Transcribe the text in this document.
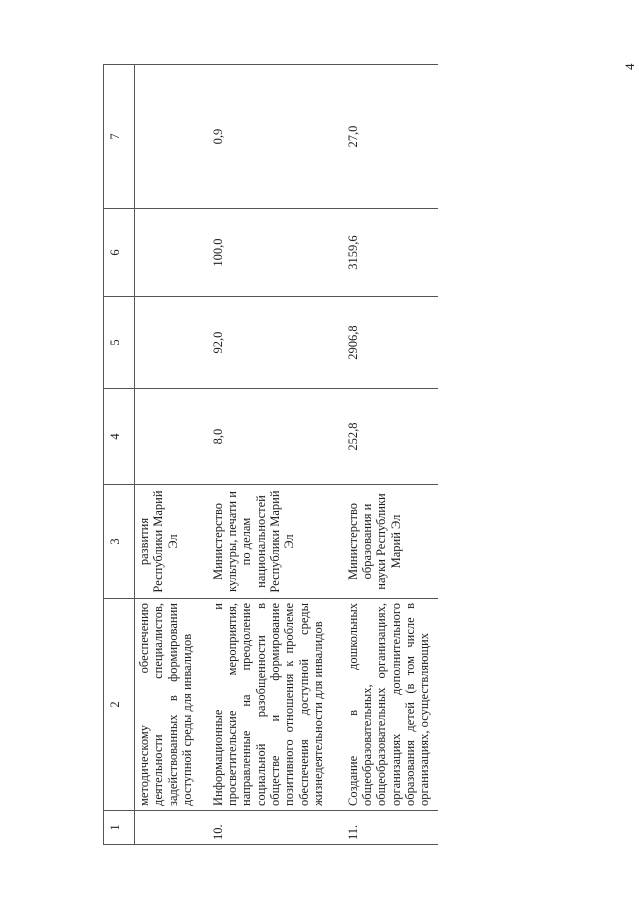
4
1	2	3	4	5	6	7
	методическому обеспечению деятельности специалистов, задействованных в формировании доступной среды для инвалидов	развития Республики Марий Эл				
10.	Информационные и просветительские мероприятия, направленные на преодоление социальной разобщенности в обществе и формирование позитивного отношения к проблеме обеспечения доступной среды жизнедеятельности для инвалидов	Министерство культуры, печати и по делам национальностей Республики Марий Эл	8,0	92,0	100,0	0,9
11.	Создание в дошкольных общеобразовательных, общеобразовательных организациях, организациях дополнительного образования детей (в том числе в организациях, осуществляющих	Министерство образования и науки Республики Марий Эл	252,8	2906,8	3159,6	27,0
